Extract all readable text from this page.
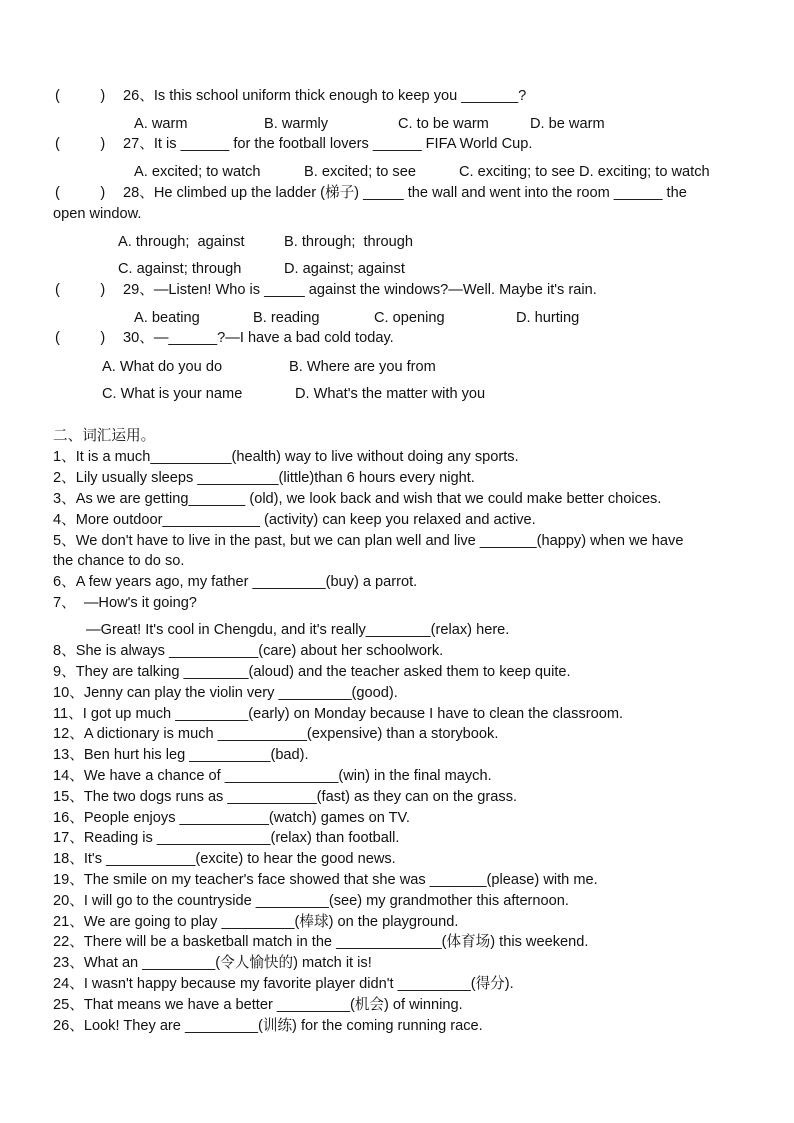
(          ) 26、Is this school uniform thick enough to keep you _______?
A. warm	B. warmly	C. to be warm	D. be warm
(          ) 27、It is ______ for the football lovers ______ FIFA World Cup.
A. excited; to watch	B. excited; to see	C. exciting; to see D. exciting; to watch
(          ) 28、He climbed up the ladder (梯子) _____ the wall and went into the room ______ the
open window.
A. through;  against	B. through;  through
C. against; through	D. against; against
(          ) 29、—Listen! Who is _____ against the windows?—Well. Maybe it's rain.
A. beating	B. reading	C. opening	D. hurting
(          ) 30、—______?—I have a bad cold today.
A. What do you do	B. Where are you from
C. What is your name	D. What's the matter with you
二、词汇运用。
1、It is a much__________(health) way to live without doing any sports.
2、Lily usually sleeps __________(little)than 6 hours every night.
3、As we are getting_______ (old), we look back and wish that we could make better choices.
4、More outdoor____________ (activity) can keep you relaxed and active.
5、We don't have to live in the past, but we can plan well and live _______(happy) when we have
the chance to do so.
6、A few years ago, my father _________(buy) a parrot.
7、  —How's it going?
—Great! It's cool in Chengdu, and it's really________(relax) here.
8、She is always ___________(care) about her schoolwork.
9、They are talking ________(aloud) and the teacher asked them to keep quite.
10、Jenny can play the violin very _________(good).
11、I got up much _________(early) on Monday because I have to clean the classroom.
12、A dictionary is much ___________(expensive) than a storybook.
13、Ben hurt his leg __________(bad).
14、We have a chance of ______________(win) in the final maych.
15、The two dogs runs as ___________(fast) as they can on the grass.
16、People enjoys ___________(watch) games on TV.
17、Reading is ______________(relax) than football.
18、It's ___________(excite) to hear the good news.
19、The smile on my teacher's face showed that she was _______(please) with me.
20、I will go to the countryside _________(see) my grandmother this afternoon.
21、We are going to play _________(棒球) on the playground.
22、There will be a basketball match in the _____________(体育场) this weekend.
23、What an _________(令人愉快的) match it is!
24、I wasn't happy because my favorite player didn't _________(得分).
25、That means we have a better _________(机会) of winning.
26、Look! They are _________(训练) for the coming running race.
